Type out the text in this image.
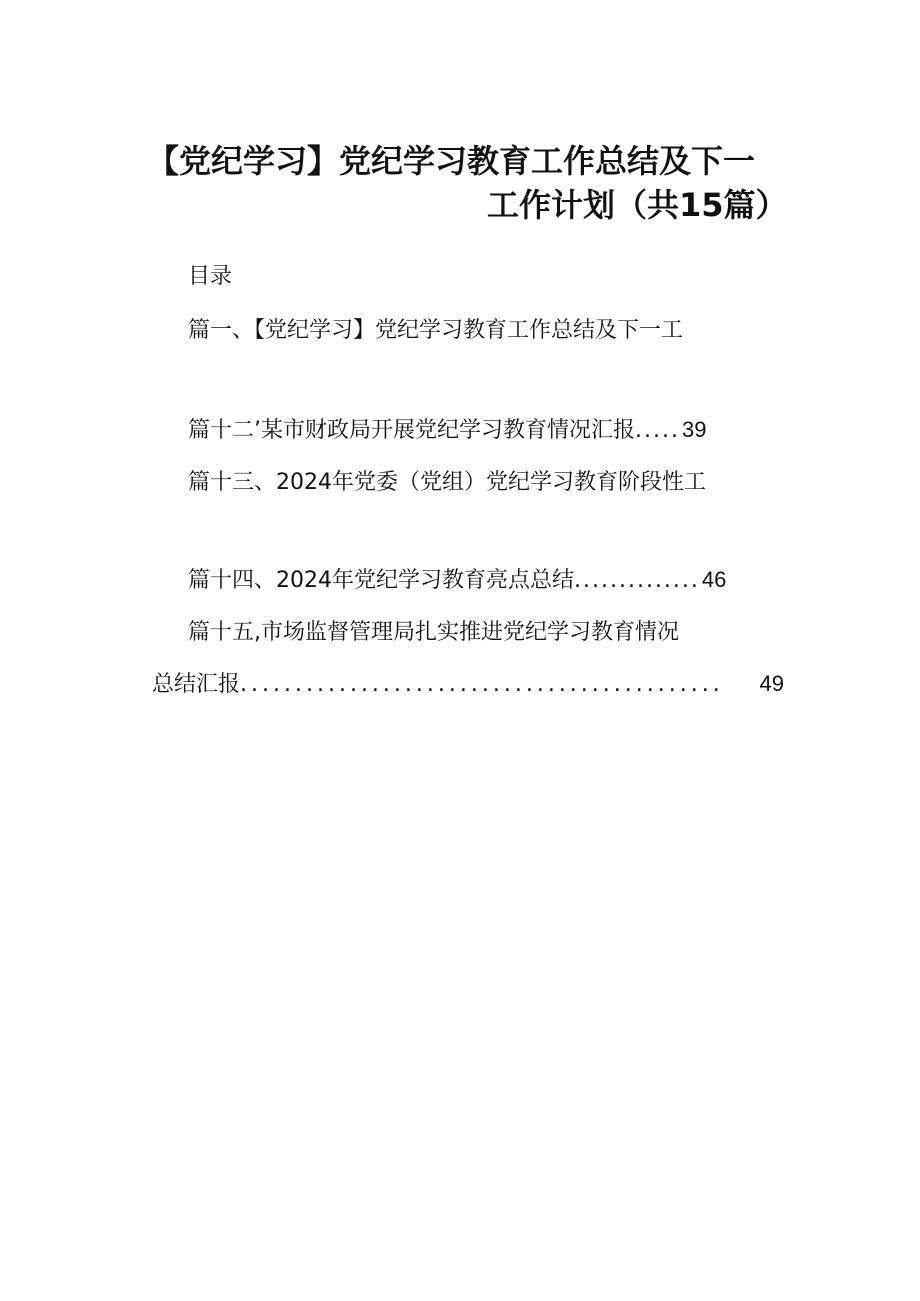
【党纪学习】党纪学习教育工作总结及下一
工作计划（共15篇）
目录
篇一、【党纪学习】党纪学习教育工作总结及下一工
篇十二’某市财政局开展党纪学习教育情况汇报 ..... 39
篇十三、2024年党委（党组）党纪学习教育阶段性工
篇十四、2024年党纪学习教育亮点总结 .............. 46
篇十五,市场监督管理局扎实推进党纪学习教育情况
总结汇报 ............................................	49
